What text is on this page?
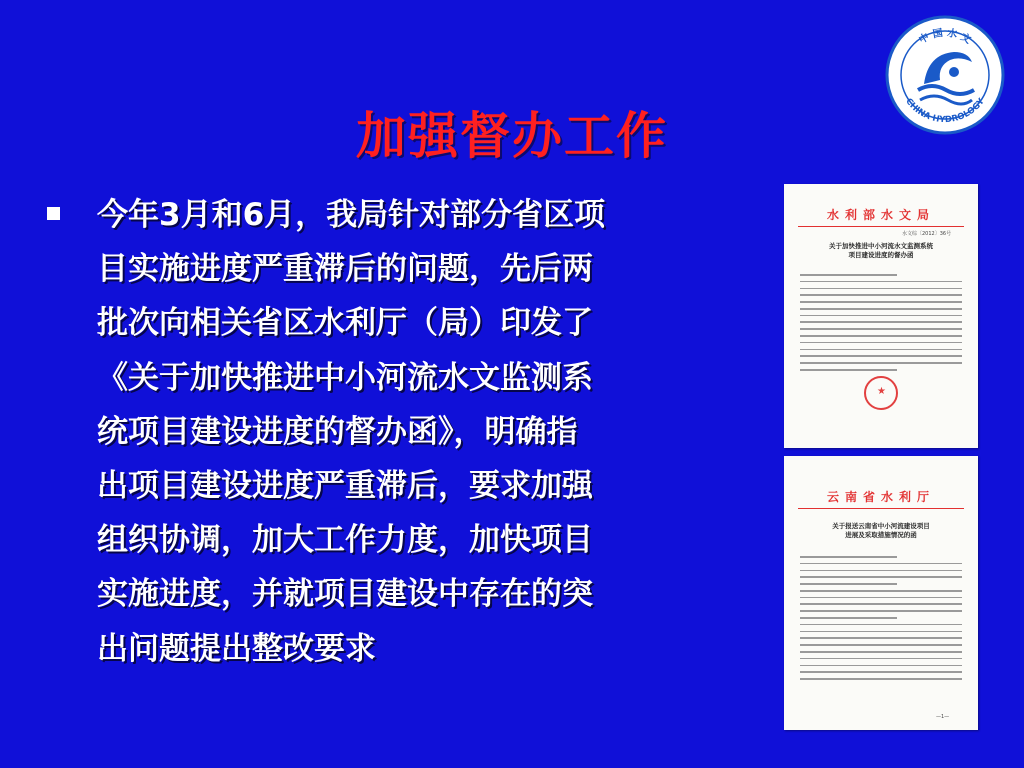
中 国 水 文
CHINA HYDROLOGY
加强督办工作
今年3月和6月，我局针对部分省区项
目实施进度严重滞后的问题，先后两
批次向相关省区水利厅（局）印发了
《关于加快推进中小河流水文监测系
统项目建设进度的督办函》，明确指
出项目建设进度严重滞后，要求加强
组织协调，加大工作力度，加快项目
实施进度，并就项目建设中存在的突
出问题提出整改要求
水利部水文局
水文综〔2012〕36号
关于加快推进中小河流水文监测系统
项目建设进度的督办函
★
云南省水利厅
关于报送云南省中小河流建设项目
进展及采取措施情况的函
—1—
